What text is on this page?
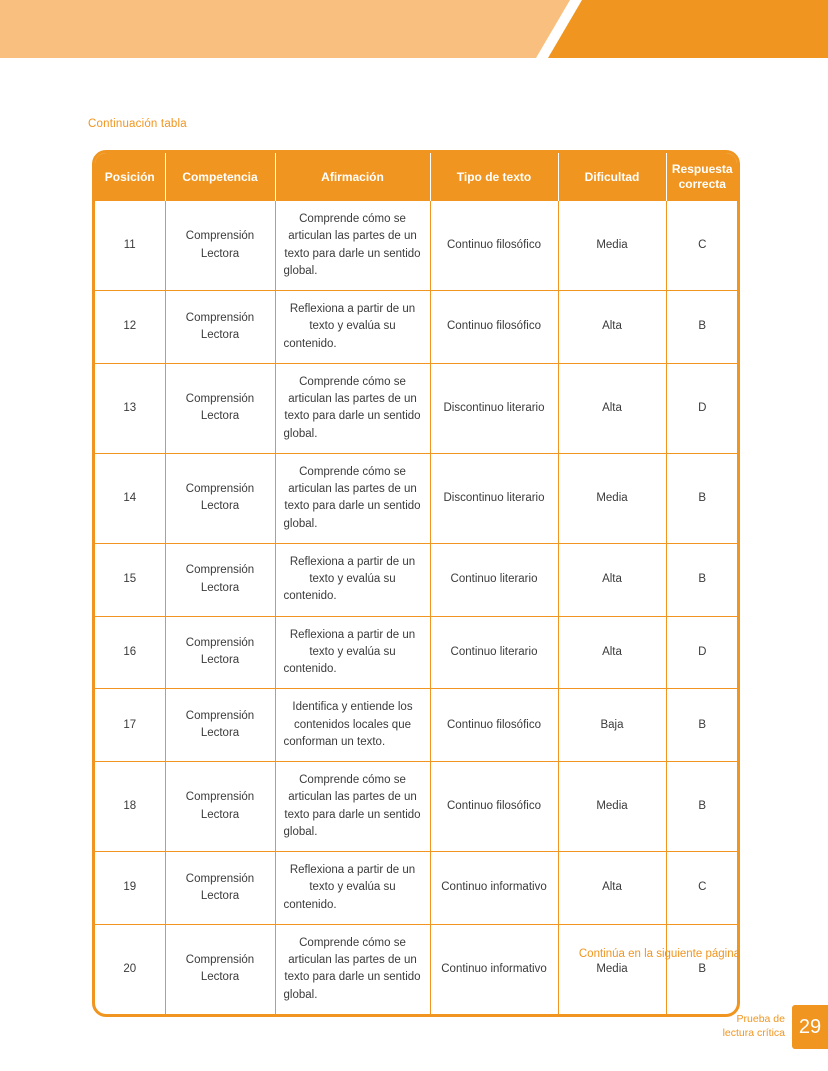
Continuación tabla
Posición	Competencia	Afirmación	Tipo de texto	Dificultad	Respuesta correcta
11	Comprensión Lectora	Comprende cómo se articulan las partes de un texto para darle un sentido global.	Continuo filosófico	Media	C
12	Comprensión Lectora	Reflexiona a partir de un texto y evalúa su contenido.	Continuo filosófico	Alta	B
13	Comprensión Lectora	Comprende cómo se articulan las partes de un texto para darle un sentido global.	Discontinuo literario	Alta	D
14	Comprensión Lectora	Comprende cómo se articulan las partes de un texto para darle un sentido global.	Discontinuo literario	Media	B
15	Comprensión Lectora	Reflexiona a partir de un texto y evalúa su contenido.	Continuo literario	Alta	B
16	Comprensión Lectora	Reflexiona a partir de un texto y evalúa su contenido.	Continuo literario	Alta	D
17	Comprensión Lectora	Identifica y entiende los contenidos locales que conforman un texto.	Continuo filosófico	Baja	B
18	Comprensión Lectora	Comprende cómo se articulan las partes de un texto para darle un sentido global.	Continuo filosófico	Media	B
19	Comprensión Lectora	Reflexiona a partir de un texto y evalúa su contenido.	Continuo informativo	Alta	C
20	Comprensión Lectora	Comprende cómo se articulan las partes de un texto para darle un sentido global.	Continuo informativo	Media	B
Continúa en la siguiente página
Prueba de
lectura crítica 29
